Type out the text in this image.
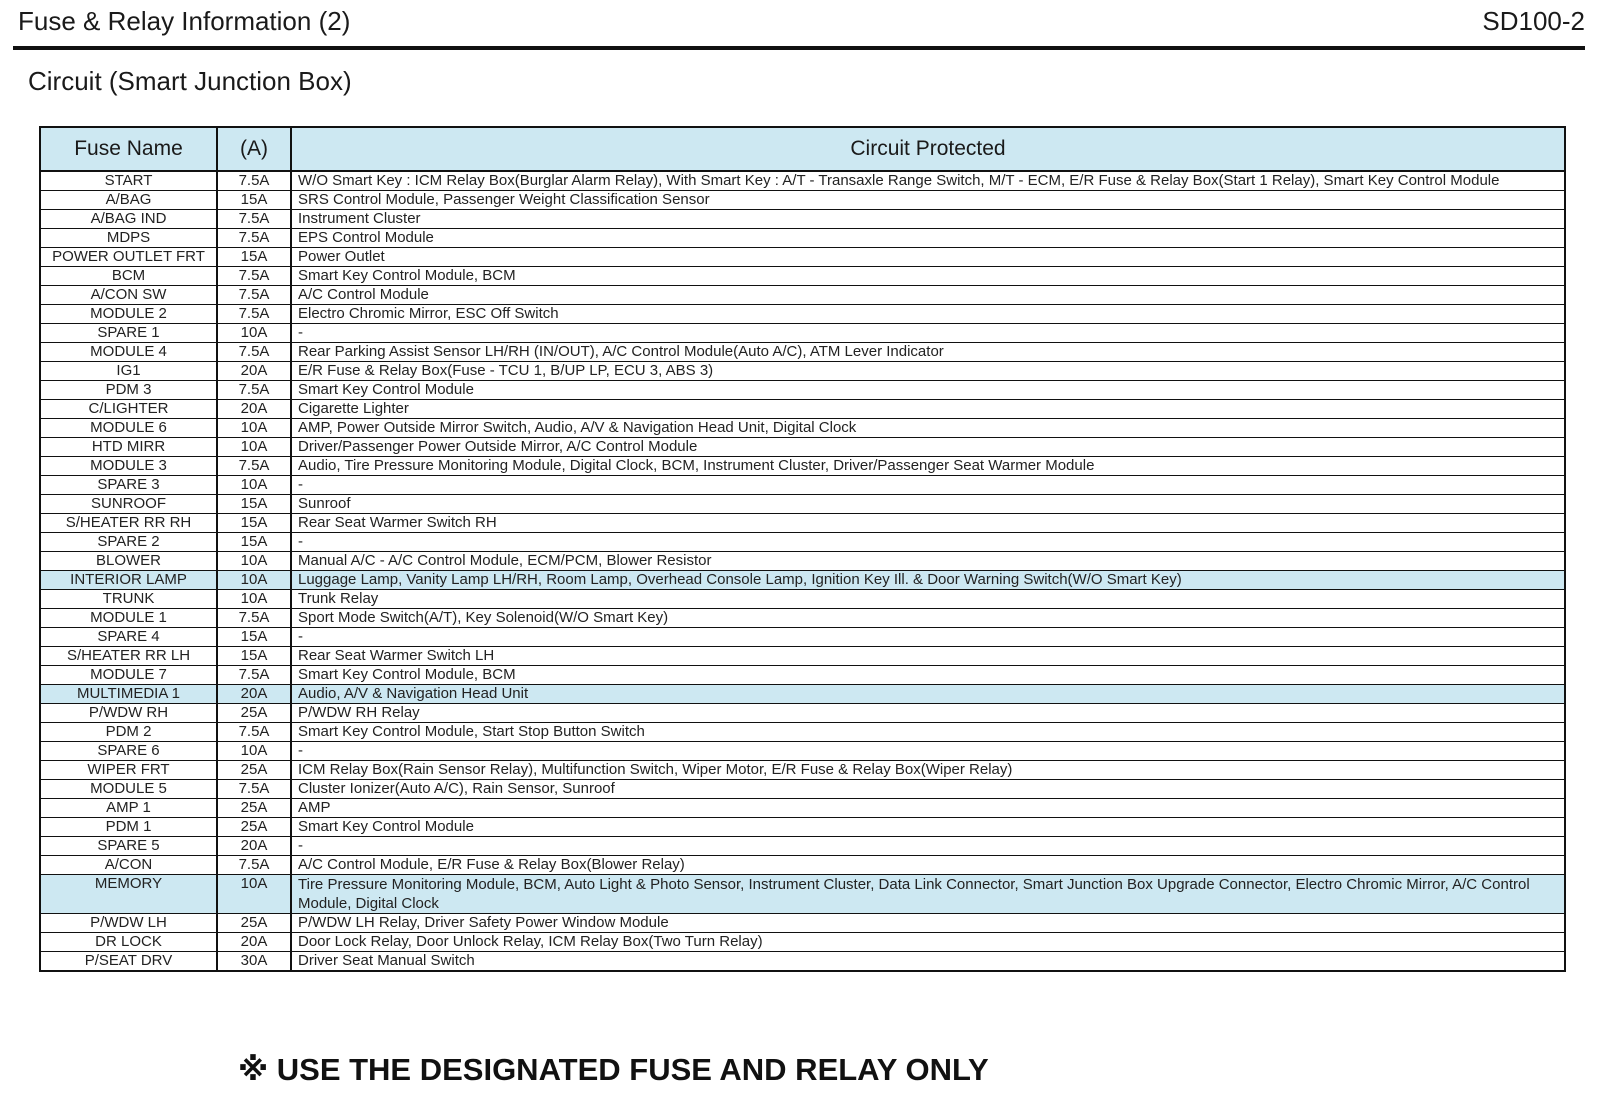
Fuse & Relay Information (2)	SD100-2
Circuit (Smart Junction Box)
Fuse Name	(A)	Circuit Protected
START	7.5A	W/O Smart Key : ICM Relay Box(Burglar Alarm Relay), With Smart Key : A/T - Transaxle Range Switch, M/T - ECM, E/R Fuse & Relay Box(Start 1 Relay), Smart Key Control Module
A/BAG	15A	SRS Control Module, Passenger Weight Classification Sensor
A/BAG IND	7.5A	Instrument Cluster
MDPS	7.5A	EPS Control Module
POWER OUTLET FRT	15A	Power Outlet
BCM	7.5A	Smart Key Control Module, BCM
A/CON SW	7.5A	A/C Control Module
MODULE 2	7.5A	Electro Chromic Mirror, ESC Off Switch
SPARE 1	10A	-
MODULE 4	7.5A	Rear Parking Assist Sensor LH/RH (IN/OUT), A/C Control Module(Auto A/C), ATM Lever Indicator
IG1	20A	E/R Fuse & Relay Box(Fuse - TCU 1, B/UP LP, ECU 3, ABS 3)
PDM 3	7.5A	Smart Key Control Module
C/LIGHTER	20A	Cigarette Lighter
MODULE 6	10A	AMP, Power Outside Mirror Switch, Audio, A/V & Navigation Head Unit, Digital Clock
HTD MIRR	10A	Driver/Passenger Power Outside Mirror, A/C Control Module
MODULE 3	7.5A	Audio, Tire Pressure Monitoring Module, Digital Clock, BCM, Instrument Cluster, Driver/Passenger Seat Warmer Module
SPARE 3	10A	-
SUNROOF	15A	Sunroof
S/HEATER RR RH	15A	Rear Seat Warmer Switch RH
SPARE 2	15A	-
BLOWER	10A	Manual A/C - A/C Control Module, ECM/PCM, Blower Resistor
INTERIOR LAMP	10A	Luggage Lamp, Vanity Lamp LH/RH, Room Lamp, Overhead Console Lamp, Ignition Key Ill. & Door Warning Switch(W/O Smart Key)
TRUNK	10A	Trunk Relay
MODULE 1	7.5A	Sport Mode Switch(A/T), Key Solenoid(W/O Smart Key)
SPARE 4	15A	-
S/HEATER RR LH	15A	Rear Seat Warmer Switch LH
MODULE 7	7.5A	Smart Key Control Module, BCM
MULTIMEDIA 1	20A	Audio, A/V & Navigation Head Unit
P/WDW RH	25A	P/WDW RH Relay
PDM 2	7.5A	Smart Key Control Module, Start Stop Button Switch
SPARE 6	10A	-
WIPER FRT	25A	ICM Relay Box(Rain Sensor Relay), Multifunction Switch, Wiper Motor, E/R Fuse & Relay Box(Wiper Relay)
MODULE 5	7.5A	Cluster Ionizer(Auto A/C), Rain Sensor, Sunroof
AMP 1	25A	AMP
PDM 1	25A	Smart Key Control Module
SPARE 5	20A	-
A/CON	7.5A	A/C Control Module, E/R Fuse & Relay Box(Blower Relay)
MEMORY	10A	Tire Pressure Monitoring Module, BCM, Auto Light & Photo Sensor, Instrument Cluster, Data Link Connector, Smart Junction Box Upgrade Connector, Electro Chromic Mirror, A/C Control Module, Digital Clock
P/WDW LH	25A	P/WDW LH Relay, Driver Safety Power Window Module
DR LOCK	20A	Door Lock Relay, Door Unlock Relay, ICM Relay Box(Two Turn Relay)
P/SEAT DRV	30A	Driver Seat Manual Switch
※ USE THE DESIGNATED FUSE AND RELAY ONLY
